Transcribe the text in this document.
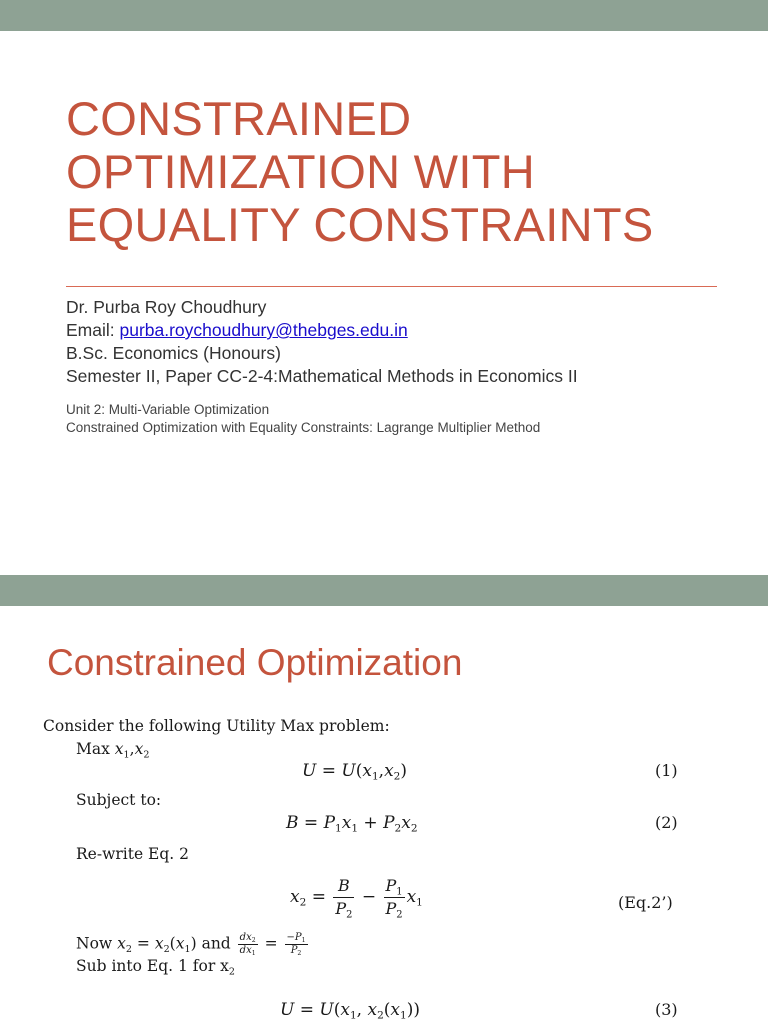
CONSTRAINED
OPTIMIZATION WITH
EQUALITY CONSTRAINTS
Dr. Purba Roy Choudhury
Email: purba.roychoudhury@thebges.edu.in
B.Sc. Economics (Honours)
Semester II, Paper CC-2-4:Mathematical Methods in Economics II
Unit 2: Multi-Variable Optimization
Constrained Optimization with Equality Constraints: Lagrange Multiplier Method
Constrained Optimization
Consider the following Utility Max problem:
Max $x_1,x_2$
$U = U(x_1,x_2)$	(1)
Subject to:
$B = P_1x_1 + P_2x_2$	(2)
Re-write Eq. 2
$x_2 = \frac{B}{P_2} - \frac{P_1}{P_2} x_1$	(Eq.2’)
Now $x_2 = x_2(x_1)$ and $\frac{dx_2}{dx_1} = \frac{-P_1}{P_2}$
Sub into Eq. 1 for $x_2$
$U = U(x_1$, $x_2(x_1)$)	(3)
